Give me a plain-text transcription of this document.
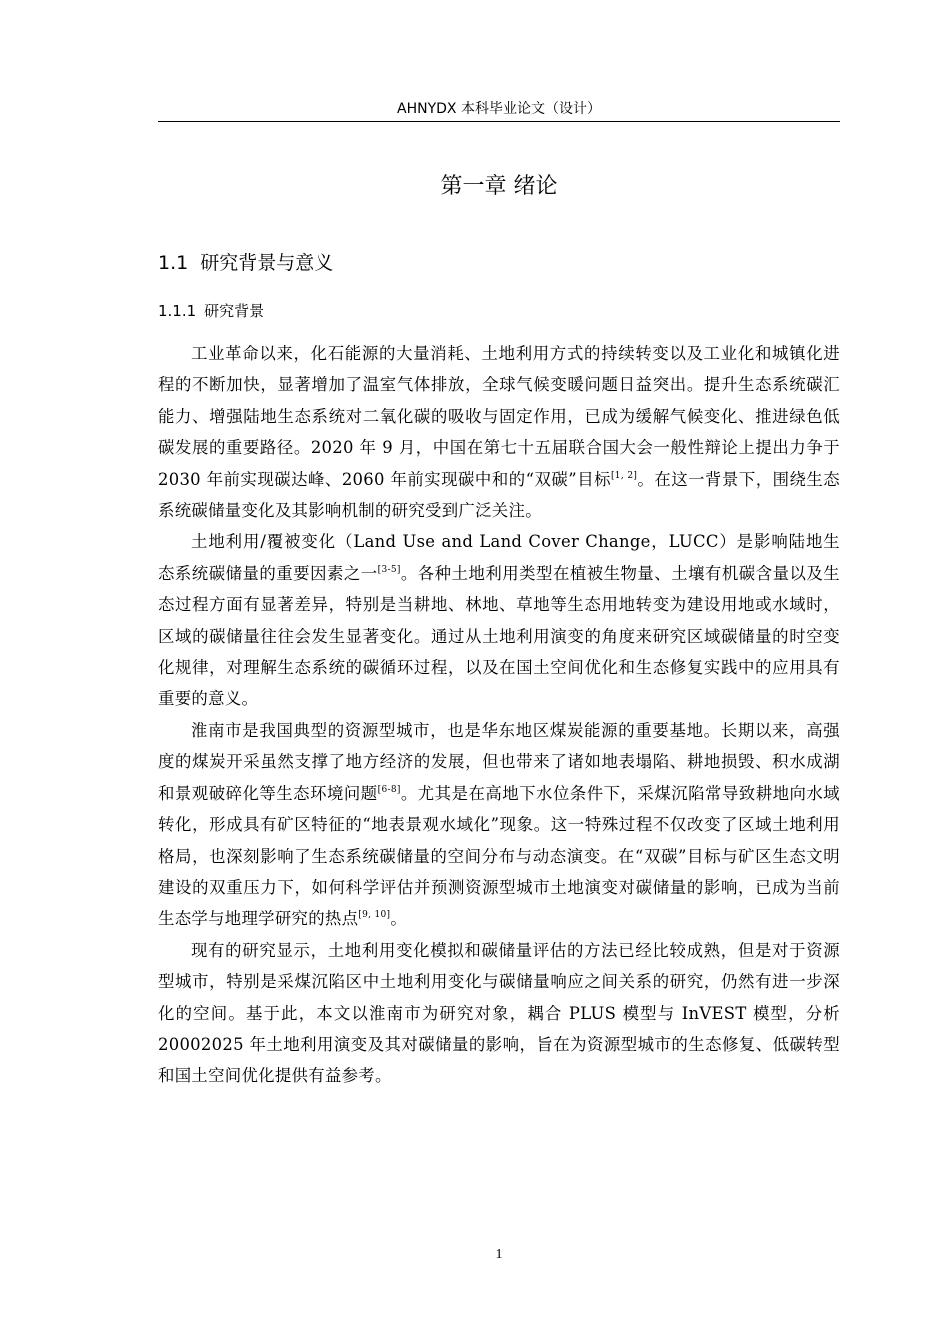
AHNYDX 本科毕业论文（设计）
第一章 绪论
1.1 研究背景与意义
1.1.1 研究背景

工业革命以来，化石能源的大量消耗、土地利用方式的持续转变以及工业化和城镇化进程的不断加快，显著增加了温室气体排放，全球气候变暖问题日益突出。提升生态系统碳汇能力、增强陆地生态系统对二氧化碳的吸收与固定作用，已成为缓解气候变化、推进绿色低碳发展的重要路径。2020 年 9 月，中国在第七十五届联合国大会一般性辩论上提出力争于 2030 年前实现碳达峰、2060 年前实现碳中和的“双碳”目标[1, 2]。在这一背景下，围绕生态系统碳储量变化及其影响机制的研究受到广泛关注。

土地利用/覆被变化（Land Use and Land Cover Change，LUCC）是影响陆地生态系统碳储量的重要因素之一[3-5]。各种土地利用类型在植被生物量、土壤有机碳含量以及生态过程方面有显著差异，特别是当耕地、林地、草地等生态用地转变为建设用地或水域时，区域的碳储量往往会发生显著变化。通过从土地利用演变的角度来研究区域碳储量的时空变化规律，对理解生态系统的碳循环过程，以及在国土空间优化和生态修复实践中的应用具有重要的意义。

淮南市是我国典型的资源型城市，也是华东地区煤炭能源的重要基地。长期以来，高强度的煤炭开采虽然支撑了地方经济的发展，但也带来了诸如地表塌陷、耕地损毁、积水成湖和景观破碎化等生态环境问题[6-8]。尤其是在高地下水位条件下，采煤沉陷常导致耕地向水域转化，形成具有矿区特征的“地表景观水域化”现象。这一特殊过程不仅改变了区域土地利用格局，也深刻影响了生态系统碳储量的空间分布与动态演变。在“双碳”目标与矿区生态文明建设的双重压力下，如何科学评估并预测资源型城市土地演变对碳储量的影响，已成为当前生态学与地理学研究的热点[9, 10]。

现有的研究显示，土地利用变化模拟和碳储量评估的方法已经比较成熟，但是对于资源型城市，特别是采煤沉陷区中土地利用变化与碳储量响应之间关系的研究，仍然有进一步深化的空间。基于此，本文以淮南市为研究对象，耦合 PLUS 模型与 InVEST 模型，分析 20002025 年土地利用演变及其对碳储量的影响，旨在为资源型城市的生态修复、低碳转型和国土空间优化提供有益参考。

1
